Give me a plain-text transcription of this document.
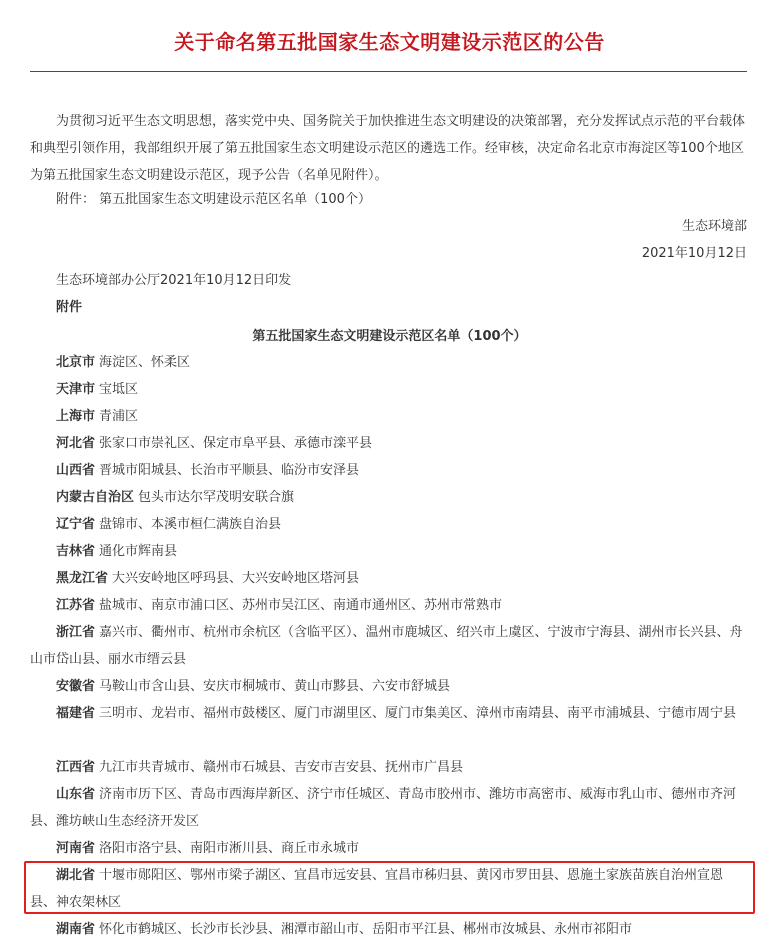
关于命名第五批国家生态文明建设示范区的公告

为贯彻习近平生态文明思想，落实党中央、国务院关于加快推进生态文明建设的决策部署，充分发挥试点示范的平台载体和典型引领作用，我部组织开展了第五批国家生态文明建设示范区的遴选工作。经审核，决定命名北京市海淀区等100个地区为第五批国家生态文明建设示范区，现予公告（名单见附件）。

附件： 第五批国家生态文明建设示范区名单（100个）
生态环境部
2021年10月12日
生态环境部办公厅2021年10月12日印发
附件
第五批国家生态文明建设示范区名单（100个）
北京市 海淀区、怀柔区
天津市 宝坻区
上海市 青浦区
河北省 张家口市崇礼区、保定市阜平县、承德市滦平县
山西省 晋城市阳城县、长治市平顺县、临汾市安泽县
内蒙古自治区 包头市达尔罕茂明安联合旗
辽宁省 盘锦市、本溪市桓仁满族自治县
吉林省 通化市辉南县
黑龙江省 大兴安岭地区呼玛县、大兴安岭地区塔河县
江苏省 盐城市、南京市浦口区、苏州市吴江区、南通市通州区、苏州市常熟市
浙江省 嘉兴市、衢州市、杭州市余杭区（含临平区）、温州市鹿城区、绍兴市上虞区、宁波市宁海县、湖州市长兴县、舟山市岱山县、丽水市缙云县
安徽省 马鞍山市含山县、安庆市桐城市、黄山市黟县、六安市舒城县
福建省 三明市、龙岩市、福州市鼓楼区、厦门市湖里区、厦门市集美区、漳州市南靖县、南平市浦城县、宁德市周宁县
江西省 九江市共青城市、赣州市石城县、吉安市吉安县、抚州市广昌县
山东省 济南市历下区、青岛市西海岸新区、济宁市任城区、青岛市胶州市、潍坊市高密市、威海市乳山市、德州市齐河县、潍坊峡山生态经济开发区
河南省 洛阳市洛宁县、南阳市淅川县、商丘市永城市
湖北省 十堰市郧阳区、鄂州市梁子湖区、宜昌市远安县、宜昌市秭归县、黄冈市罗田县、恩施土家族苗族自治州宣恩县、神农架林区
湖南省 怀化市鹤城区、长沙市长沙县、湘潭市韶山市、岳阳市平江县、郴州市汝城县、永州市祁阳市
